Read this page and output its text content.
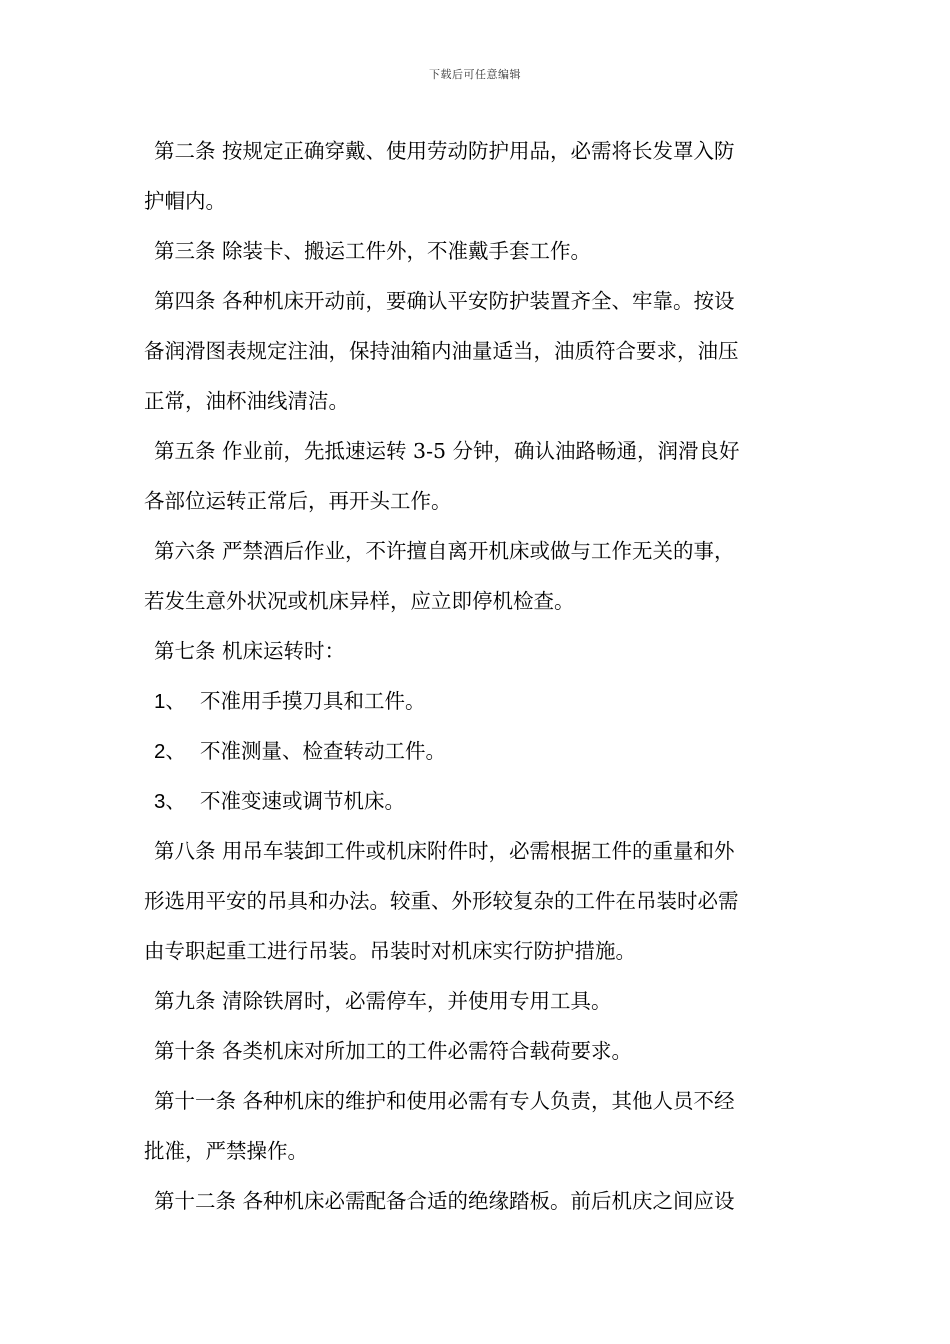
下载后可任意编辑
第二条 按规定正确穿戴、使用劳动防护用品，必需将长发罩入防
护帽内。
第三条 除装卡、搬运工件外，不准戴手套工作。
第四条 各种机床开动前，要确认平安防护装置齐全、牢靠。按设
备润滑图表规定注油，保持油箱内油量适当，油质符合要求，油压
正常，油杯油线清洁。
第五条 作业前，先抵速运转 3-5 分钟，确认油路畅通，润滑良好
各部位运转正常后，再开头工作。
第六条 严禁酒后作业，不许擅自离开机床或做与工作无关的事，
若发生意外状况或机床异样，应立即停机检查。
第七条 机床运转时：
1、 不准用手摸刀具和工件。
2、 不准测量、检查转动工件。
3、 不准变速或调节机床。
第八条 用吊车装卸工件或机床附件时，必需根据工件的重量和外
形选用平安的吊具和办法。较重、外形较复杂的工件在吊装时必需
由专职起重工进行吊装。吊装时对机床实行防护措施。
第九条 清除铁屑时，必需停车，并使用专用工具。
第十条 各类机床对所加工的工件必需符合载荷要求。
第十一条 各种机床的维护和使用必需有专人负责，其他人员不经
批准，严禁操作。
第十二条 各种机床必需配备合适的绝缘踏板。前后机庆之间应设
